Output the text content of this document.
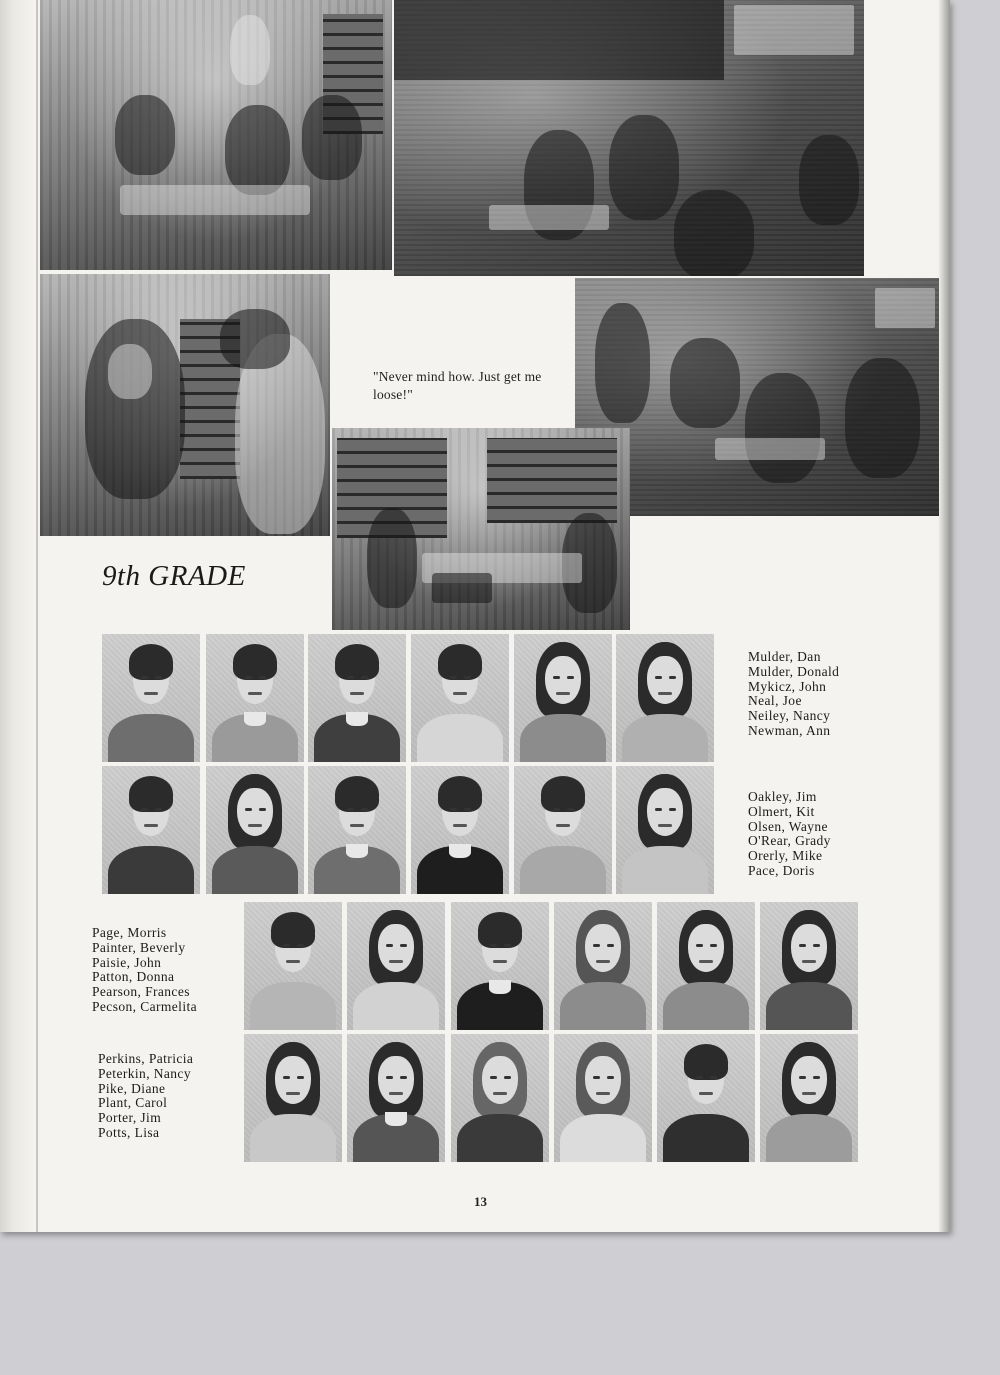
"Never mind how. Just get me loose!"
9th GRADE
Mulder, Dan
Mulder, Donald
Mykicz, John
Neal, Joe
Neiley, Nancy
Newman, Ann
Oakley, Jim
Olmert, Kit
Olsen, Wayne
O'Rear, Grady
Orerly, Mike
Pace, Doris
Page, Morris
Painter, Beverly
Paisie, John
Patton, Donna
Pearson, Frances
Pecson, Carmelita
Perkins, Patricia
Peterkin, Nancy
Pike, Diane
Plant, Carol
Porter, Jim
Potts, Lisa
13
